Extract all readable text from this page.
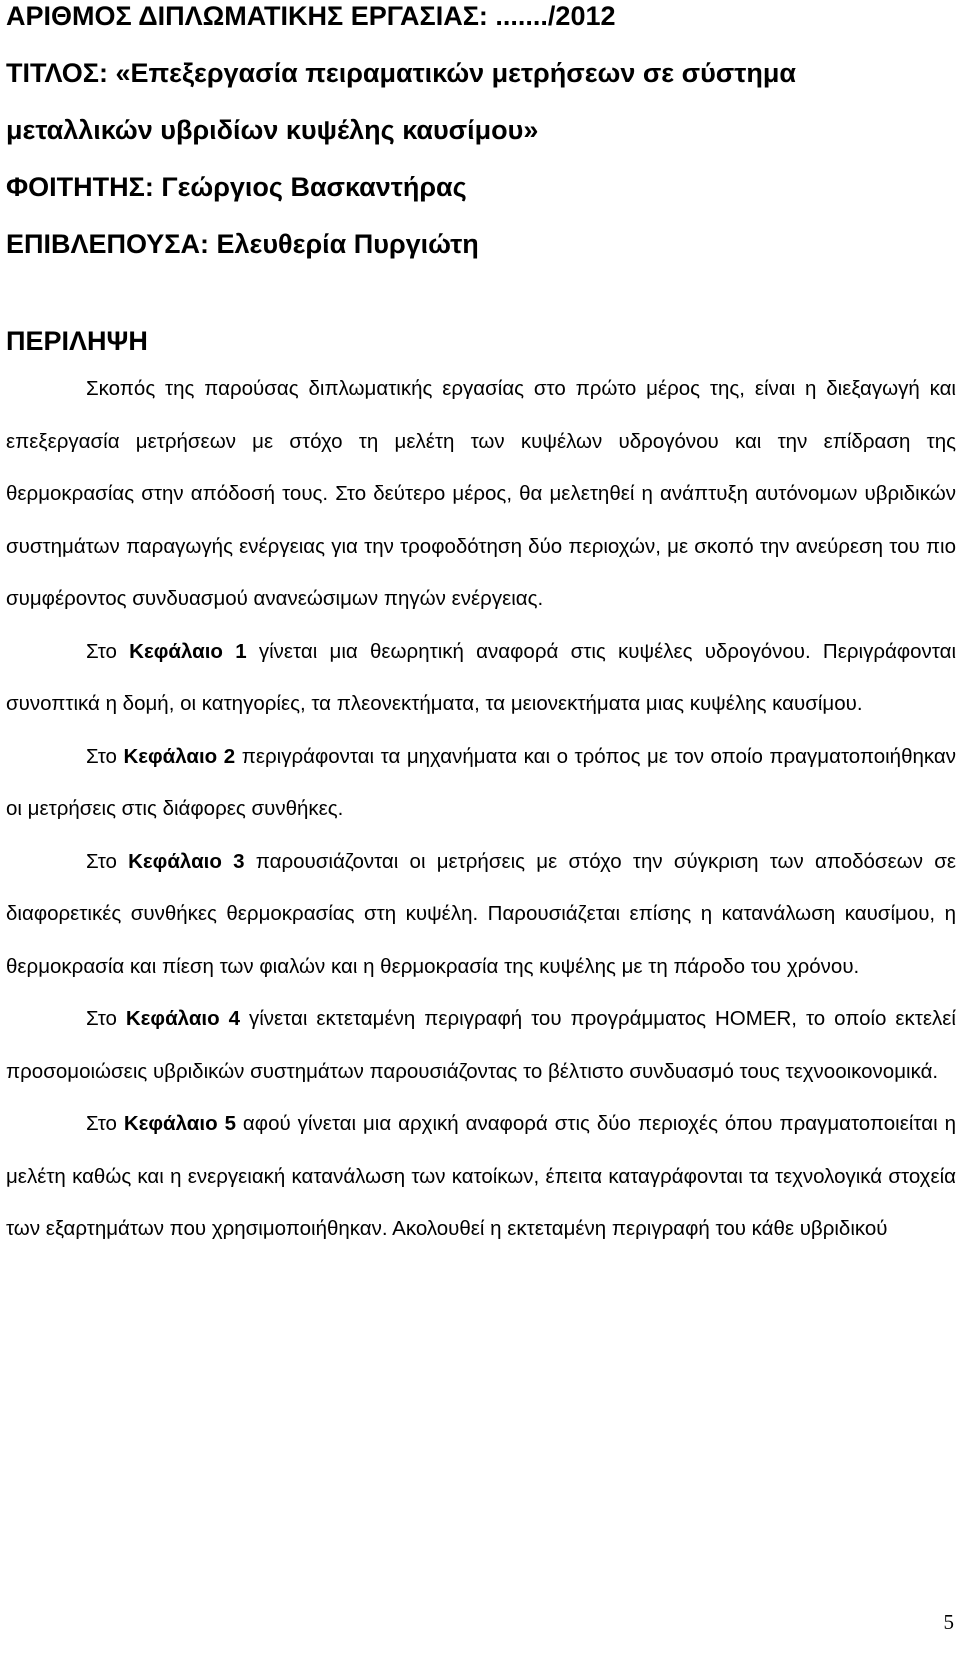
ΑΡΙΘΜΟΣ ΔΙΠΛΩΜΑΤΙΚΗΣ ΕΡΓΑΣΙΑΣ: ......./2012

ΤΙΤΛΟΣ: «Επεξεργασία πειραματικών μετρήσεων σε σύστημα

μεταλλικών υβριδίων κυψέλης καυσίμου»

ΦΟΙΤΗΤΗΣ: Γεώργιος Βασκαντήρας

ΕΠΙΒΛΕΠΟΥΣΑ: Ελευθερία Πυργιώτη

ΠΕΡΙΛΗΨΗ

Σκοπός της παρούσας διπλωματικής εργασίας στο πρώτο μέρος της, είναι η διεξαγωγή και επεξεργασία μετρήσεων με στόχο τη μελέτη των κυψέλων υδρογόνου και την επίδραση της θερμοκρασίας στην απόδοσή τους. Στο δεύτερο μέρος, θα μελετηθεί η ανάπτυξη αυτόνομων υβριδικών συστημάτων παραγωγής ενέργειας για την τροφοδότηση δύο περιοχών, με σκοπό την ανεύρεση του πιο συμφέροντος συνδυασμού ανανεώσιμων πηγών ενέργειας.

Στο Κεφάλαιο 1 γίνεται μια θεωρητική αναφορά στις κυψέλες υδρογόνου. Περιγράφονται συνοπτικά η δομή, οι κατηγορίες, τα πλεονεκτήματα, τα μειονεκτήματα μιας κυψέλης καυσίμου.

Στο Κεφάλαιο 2 περιγράφονται τα μηχανήματα και ο τρόπος με τον οποίο πραγματοποιήθηκαν οι μετρήσεις στις διάφορες συνθήκες.

Στο Κεφάλαιο 3 παρουσιάζονται οι μετρήσεις με στόχο την σύγκριση των αποδόσεων σε διαφορετικές συνθήκες θερμοκρασίας στη κυψέλη. Παρουσιάζεται επίσης η κατανάλωση καυσίμου, η θερμοκρασία και πίεση των φιαλών και η θερμοκρασία της κυψέλης με τη πάροδο του χρόνου.

Στο Κεφάλαιο 4 γίνεται εκτεταμένη περιγραφή του προγράμματος HOMER, το οποίο εκτελεί προσομοιώσεις υβριδικών συστημάτων παρουσιάζοντας το βέλτιστο συνδυασμό τους τεχνοοικονομικά.

Στο Κεφάλαιο 5 αφού γίνεται μια αρχική αναφορά στις δύο περιοχές όπου πραγματοποιείται η μελέτη καθώς και η ενεργειακή κατανάλωση των κατοίκων, έπειτα καταγράφονται τα τεχνολογικά στοχεία των εξαρτημάτων που χρησιμοποιήθηκαν. Ακολουθεί η εκτεταμένη περιγραφή του κάθε υβριδικού

5
